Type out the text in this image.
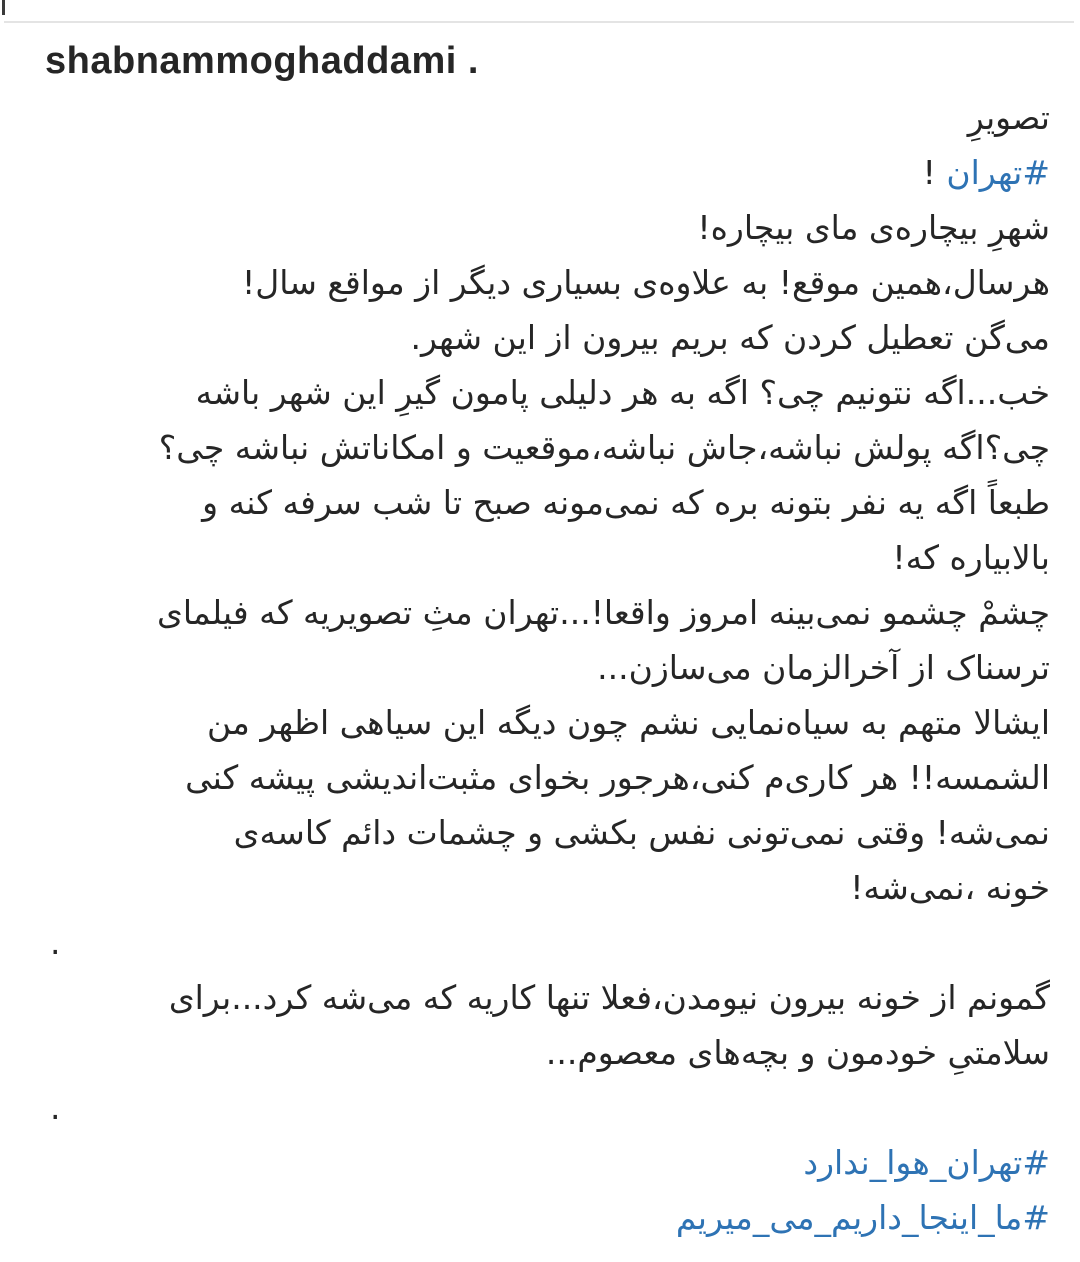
shabnammoghaddami .
تصویرِ
#تهران !
شهرِ بیچاره‌ی مای بیچاره!
هرسال،همین موقع! به علاوه‌ی بسیاری دیگر از مواقع سال!
می‌گن تعطیل کردن که بریم بیرون از این شهر.
خب...اگه نتونیم چی؟ اگه به هر دلیلی پامون گیرِ این شهر باشه
چی؟اگه پولش نباشه،جاش نباشه،موقعیت و امکاناتش نباشه چی؟
طبعاً اگه یه نفر بتونه بره که نمی‌مونه صبح تا شب سرفه کنه و
بالابیاره که!
چشمْ چشمو نمی‌بینه امروز واقعا!...تهران مثِ تصویریه که فیلمای
ترسناک از آخرالزمان می‌سازن...
ایشالا متهم به سیاه‌نمایی نشم چون دیگه این سیاهی اظهر من
الشمسه!! هر کاری‌م کنی،هرجور بخوای مثبت‌اندیشی پیشه کنی
نمی‌شه! وقتی نمی‌تونی نفس بکشی و چشمات دائم کاسه‌ی
خونه ،نمی‌شه!
.
گمونم از خونه بیرون نیومدن،فعلا تنها کاریه که می‌شه کرد...برای
سلامتیِ خودمون و بچه‌های معصوم...
.
#تهران_هوا_ندارد
#ما_اینجا_داریم_می_میریم
